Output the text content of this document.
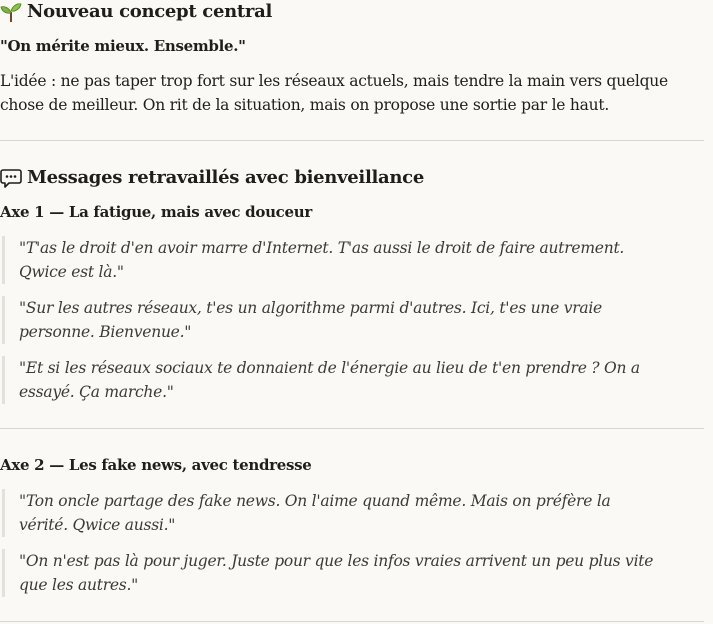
Nouveau concept central

"On mérite mieux. Ensemble."

L'idée : ne pas taper trop fort sur les réseaux actuels, mais tendre la main vers quelque chose de meilleur. On rit de la situation, mais on propose une sortie par le haut.

Messages retravaillés avec bienveillance

Axe 1 — La fatigue, mais avec douceur

"T'as le droit d'en avoir marre d'Internet. T'as aussi le droit de faire autrement. Qwice est là."
"Sur les autres réseaux, t'es un algorithme parmi d'autres. Ici, t'es une vraie personne. Bienvenue."
"Et si les réseaux sociaux te donnaient de l'énergie au lieu de t'en prendre ? On a essayé. Ça marche."

Axe 2 — Les fake news, avec tendresse

"Ton oncle partage des fake news. On l'aime quand même. Mais on préfère la vérité. Qwice aussi."
"On n'est pas là pour juger. Juste pour que les infos vraies arrivent un peu plus vite que les autres."
